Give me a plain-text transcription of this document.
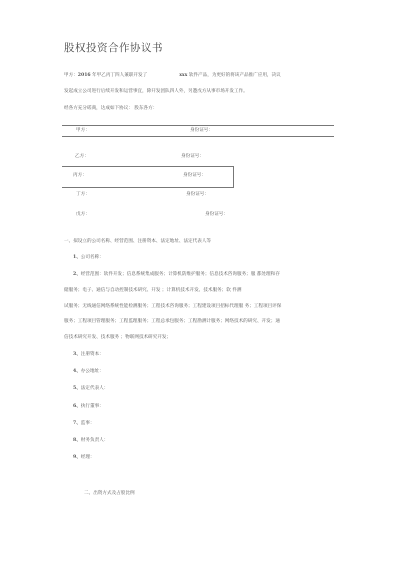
股权投资合作协议书
甲方：2016 年甲乙丙丁四人兼职开发了	xxx 软件产品，为更好的将该产品推广应用，决议
发起成立公司进行后续开发和运营事宜，除开发团队四人外，另邀戊方从事市场开发工作。
经各方充分磋商，达成如下协议： 股东各方：
甲方：	身份证号：
乙方：	身份证号：
丙方：	身份证号：
丁方：	身份证号：
戊方：	身份证号：
一、拟设立的公司名称、经营范围、注册资本、法定地址、法定代表人等
1、公司名称：
2、经营范围：软件开发；信息系统集成服务；计算机防维护服务；信息技术咨询服务；服 都处理和存
储服务；电子、通信与自动控制技术研究、开发 ；计算机技术开发、技术服务；软 件测
试服务；无线通信网络系统性能检测服务；工程技术咨询服务；工程建设项目招标代理服 务；工程项目评保
服务；工程项目管理服务；工程监理服务；工程总承包服务；工程勘测计服务；网络技术的研究、开发；通
信技术研究开发、技术服务 ；物联网技术研究开发；
3、注册资本：
4、办公地址：
5、法定代表人：
6、执行董事：
7、监事：
8、财务负责人：
9、经理：
二、出资方式及占股比例
